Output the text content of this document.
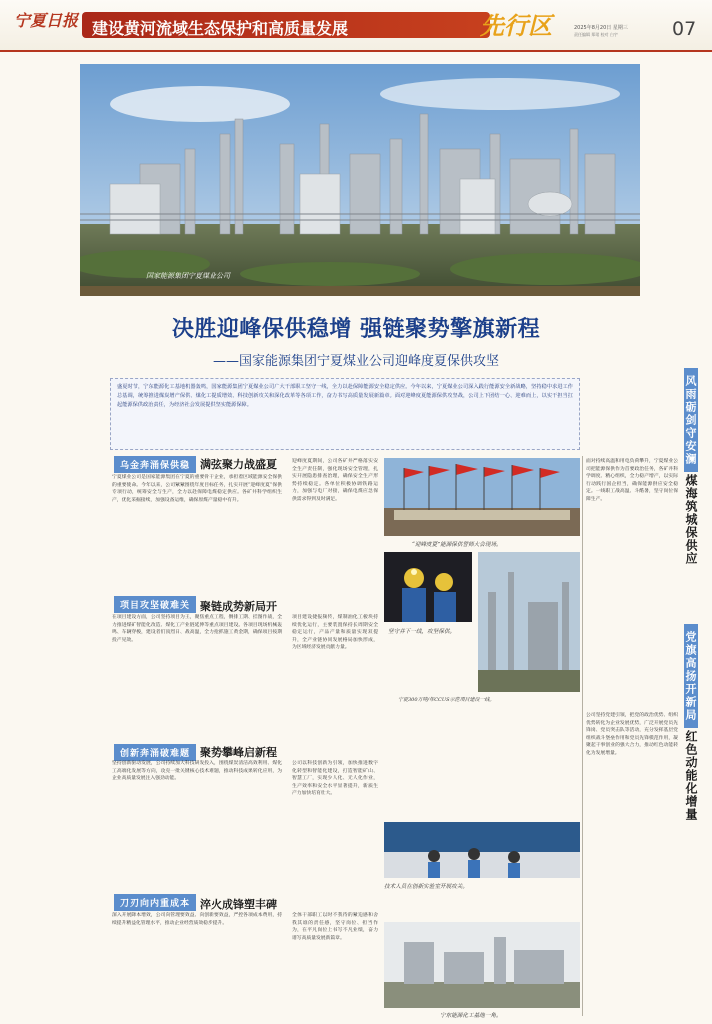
宁夏日报 建设黄河流域生态保护和高质量发展	先行区	2025年8月20日 星期三
责任编辑 郑珺 校对 白宇	07
国家能源集团宁夏煤业公司
决胜迎峰保供稳增 强链聚势擎旗新程
——国家能源集团宁夏煤业公司迎峰度夏保供攻坚
盛夏时节，宁东能源化工基地机器轰鸣，国家能源集团宁夏煤业公司广大干部职工坚守一线，全力以赴保障能源安全稳定供应。今年以来，宁夏煤业公司深入践行能源安全新战略，坚持稳中求进工作总基调，统筹推进煤炭增产保供、煤化工提质增效、科技创新攻关和深化改革等各项工作，奋力书写高质量发展新篇章。面对迎峰度夏能源保供攻坚战，公司上下团结一心、迎难而上，以实干担当扛起能源保供政治责任，为经济社会发展提供坚实能源保障。
乌金奔涌保供稳 满弦聚力战盛夏
宁夏煤业公司是国家能源集团在宁夏的重要骨干企业，承担着区域能源安全保供的重要使命。今年以来，公司紧紧围绕年度目标任务，扎实开展“迎峰度夏”保供专项行动，统筹安全与生产，全力以赴保障电煤稳定供应。各矿井科学组织生产，优化采掘接续，加强设备运维，确保原煤产量稳中有升。
项目攻坚破难关 聚链成势新局开
在项目建设方面，公司坚持项目为王，聚焦重点工程，倒排工期、挂图作战，全力推进煤矿智能化改造、煤化工产业链延伸等重点项目建设。各项目现场机械轰鸣、车辆穿梭，建设者们顶烈日、战高温，全力抢抓施工黄金期，确保项目按期投产见效。
创新奔涌破难题 聚势攀峰启新程
坚持创新驱动发展，公司持续加大科技研发投入，围绕煤炭清洁高效利用、煤化工高端化发展等方向，攻克一批关键核心技术难题，推动科技成果转化应用，为企业高质量发展注入强劲动能。
刀刃向内重成本 淬火成锋塑丰碑
深入开展降本增效，公司向管理要效益、向创新要效益，严控各项成本费用，持续提升精益化管理水平，推动企业经营质效稳步提升。
迎峰度夏期间，公司各矿井严格落实安全生产责任制，强化现场安全管理，扎实开展隐患排查治理，确保安全生产形势持续稳定。各单位积极协调铁路运力，加强与电厂对接，确保电煤应急保供需求得到及时满足。
项目建设捷报频传，煤制油化工板块持续优化运行，主要装置保持长周期安全稳定运行，产品产量和质量实现双提升，全产业链协同发展格局加快形成，为区域经济发展贡献力量。
公司以科技创新为引领，加快推进数字化转型和智能化建设，打造智能矿山、智慧工厂，实现少人化、无人化作业，生产效率和安全水平显著提升，新质生产力加快培育壮大。
全体干部职工以时不我待的紧迫感和舍我其谁的责任感，坚守岗位、担当作为，在平凡岗位上书写不凡业绩，奋力谱写高质量发展新篇章。
“迎峰度夏”能源保供誓师大会现场。
坚守井下一线，攻坚保供。
宁夏300万吨/年CCUS示范项目建设一线。
技术人员在创新实验室开展攻关。
宁东能源化工基地一角。
面对持续高温和用电负荷攀升，宁夏煤业公司把能源保供作为首要政治任务，各矿井科学调度、精心组织，全力稳产增产，以实际行动践行国企担当，确保能源供应安全稳定。一线职工战高温、斗酷暑，坚守岗位保障生产。
风雨砺剑守安澜
煤海筑城保供应
公司坚持党建引领，把党的政治优势、组织优势转化为企业发展优势，广泛开展党员先锋岗、党员突击队等活动，充分发挥基层党组织战斗堡垒作用和党员先锋模范作用，凝聚起干事创业的强大合力，推动红色动能转化为发展增量。
党旗高扬开新局
红色动能化增量
